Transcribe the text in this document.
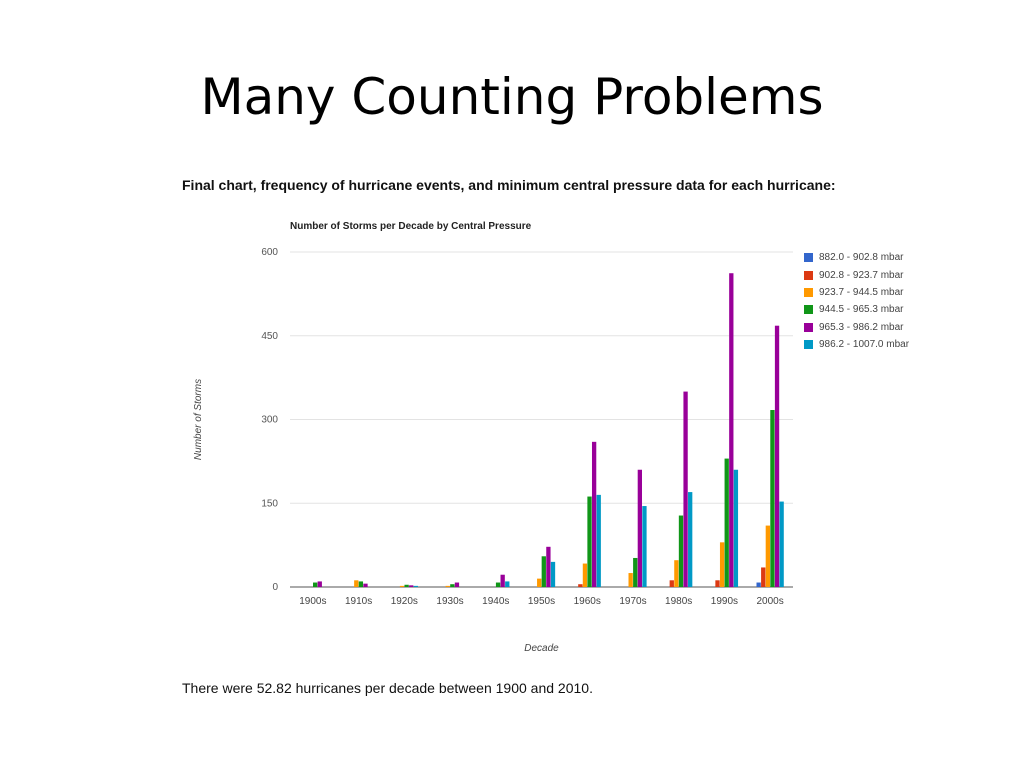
Many Counting Problems
Final chart, frequency of hurricane events, and minimum central pressure data for each hurricane:
Number of Storms per Decade by Central Pressure
0
150
300
450
600
1900s 1910s 1920s 1930s 1940s 1950s 1960s 1970s 1980s 1990s 2000s
Decade
Number of Storms
882.0 - 902.8 mbar
902.8 - 923.7 mbar
923.7 - 944.5 mbar
944.5 - 965.3 mbar
965.3 - 986.2 mbar
986.2 - 1007.0 mbar
There were 52.82 hurricanes per decade between 1900 and 2010.
